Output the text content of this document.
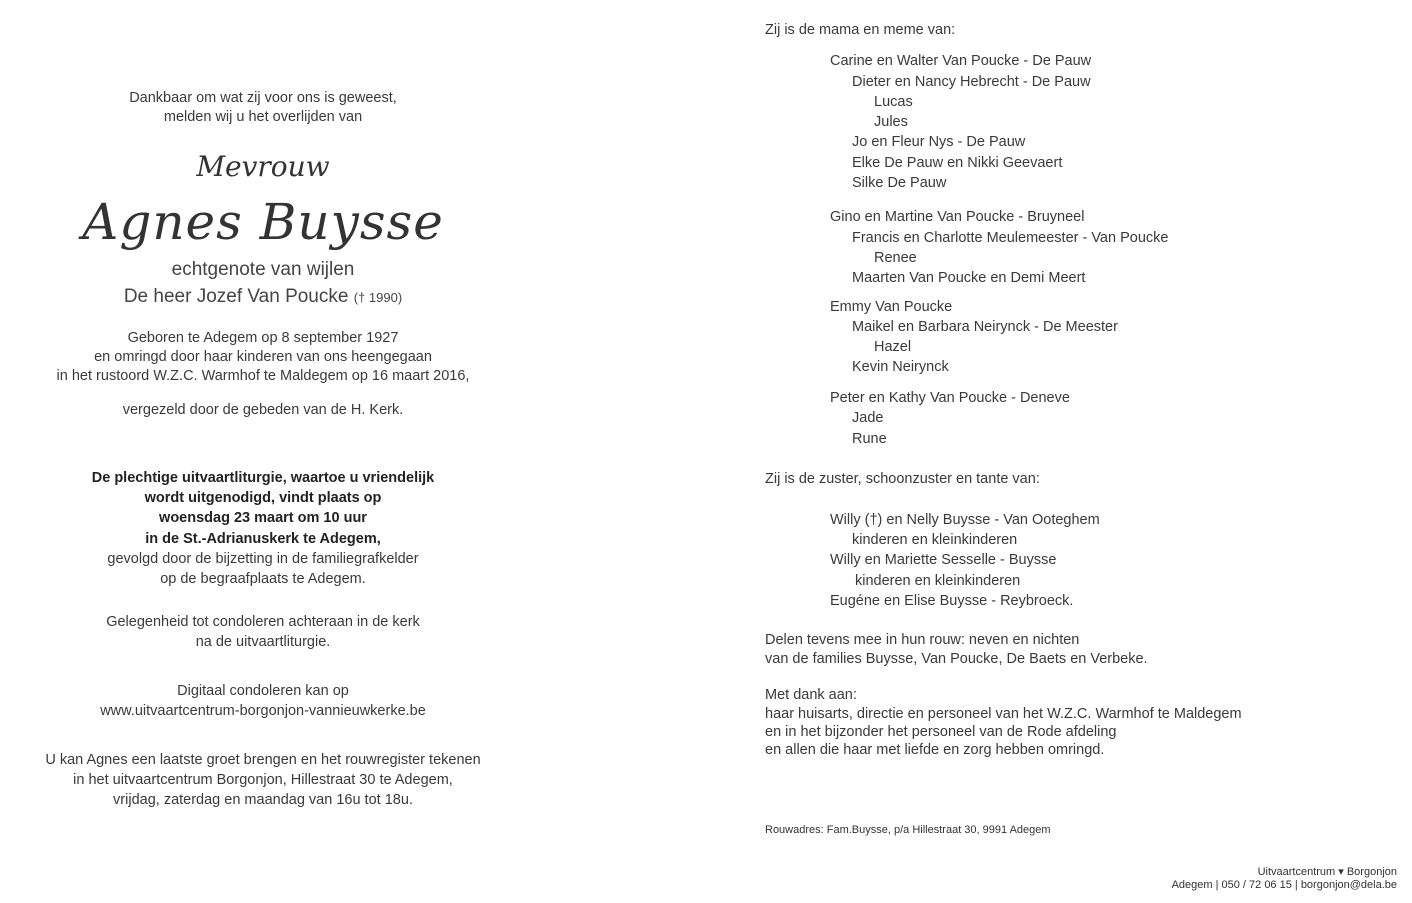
Dankbaar om wat zij voor ons is geweest,
melden wij u het overlijden van
Mevrouw
Agnes Buysse
echtgenote van wijlen
De heer Jozef Van Poucke († 1990)
Geboren te Adegem op 8 september 1927
en omringd door haar kinderen van ons heengegaan
in het rustoord W.Z.C. Warmhof te Maldegem op 16 maart 2016,
vergezeld door de gebeden van de H. Kerk.
De plechtige uitvaartliturgie, waartoe u vriendelijk
wordt uitgenodigd, vindt plaats op
woensdag 23 maart om 10 uur
in de St.-Adrianuskerk te Adegem,
gevolgd door de bijzetting in de familiegrafkelder
op de begraafplaats te Adegem.
Gelegenheid tot condoleren achteraan in de kerk
na de uitvaartliturgie.
Digitaal condoleren kan op
www.uitvaartcentrum-borgonjon-vannieuwkerke.be
U kan Agnes een laatste groet brengen en het rouwregister tekenen
in het uitvaartcentrum Borgonjon, Hillestraat 30 te Adegem,
vrijdag, zaterdag en maandag van 16u tot 18u.
Zij is de mama en meme van:
Carine en Walter Van Poucke - De Pauw
Dieter en Nancy Hebrecht - De Pauw
Lucas
Jules
Jo en Fleur Nys - De Pauw
Elke De Pauw en Nikki Geevaert
Silke De Pauw
Gino en Martine Van Poucke - Bruyneel
Francis en Charlotte Meulemeester - Van Poucke
Renee
Maarten Van Poucke en Demi Meert
Emmy Van Poucke
Maikel en Barbara Neirynck - De Meester
Hazel
Kevin Neirynck
Peter en Kathy Van Poucke - Deneve
Jade
Rune
Zij is de zuster, schoonzuster en tante van:
Willy (†) en Nelly Buysse - Van Ooteghem
kinderen en kleinkinderen
Willy en Mariette Sesselle - Buysse
kinderen en kleinkinderen
Eugéne en Elise Buysse - Reybroeck.
Delen tevens mee in hun rouw: neven en nichten
van de families Buysse, Van Poucke, De Baets en Verbeke.
Met dank aan:
haar huisarts, directie en personeel van het W.Z.C. Warmhof te Maldegem
en in het bijzonder het personeel van de Rode afdeling
en allen die haar met liefde en zorg hebben omringd.
Rouwadres: Fam.Buysse, p/a Hillestraat 30, 9991 Adegem
Uitvaartcentrum ▾ Borgonjon
Adegem | 050 / 72 06 15 | borgonjon@dela.be
